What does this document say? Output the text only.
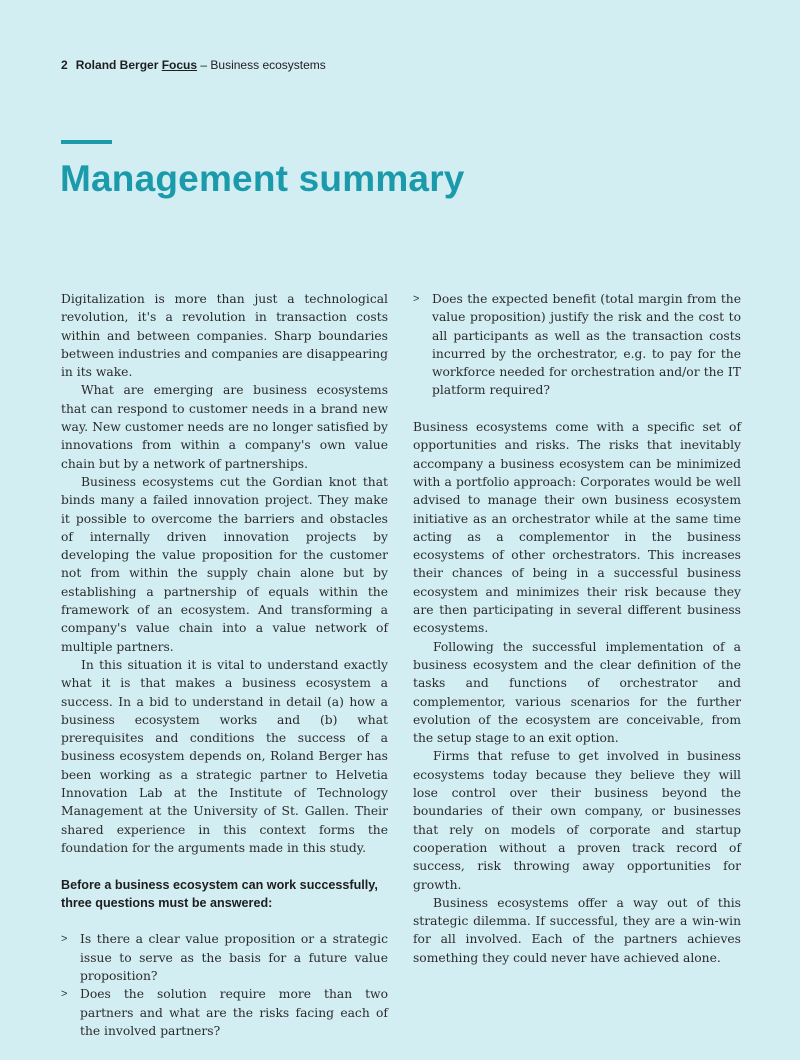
2 Roland Berger Focus – Business ecosystems
Management summary

Digitalization is more than just a technological revolution, it's a revolution in transaction costs within and between companies. Sharp boundaries between industries and companies are disappearing in its wake.

What are emerging are business ecosystems that can respond to customer needs in a brand new way. New customer needs are no longer satisfied by innovations from within a company's own value chain but by a network of partnerships.

Business ecosystems cut the Gordian knot that binds many a failed innovation project. They make it possible to overcome the barriers and obstacles of internally driven innovation projects by developing the value proposition for the customer not from within the supply chain alone but by establishing a partnership of equals within the framework of an ecosystem. And transforming a company's value chain into a value network of multiple partners.

In this situation it is vital to understand exactly what it is that makes a business ecosystem a success. In a bid to understand in detail (a) how a business ecosystem works and (b) what prerequisites and conditions the success of a business ecosystem depends on, Roland Berger has been working as a strategic partner to Helvetia Innovation Lab at the Institute of Technology Management at the University of St. Gallen. Their shared experience in this context forms the foundation for the arguments made in this study.

Before a business ecosystem can work successfully, three questions must be answered:

> Is there a clear value proposition or a strategic issue to serve as the basis for a future value proposition?
> Does the solution require more than two partners and what are the risks facing each of the involved partners?
> Does the expected benefit (total margin from the value proposition) justify the risk and the cost to all participants as well as the transaction costs incurred by the orchestrator, e.g. to pay for the workforce needed for orchestration and/or the IT platform required?

Business ecosystems come with a specific set of opportunities and risks. The risks that inevitably accompany a business ecosystem can be minimized with a portfolio approach: Corporates would be well advised to manage their own business ecosystem initiative as an orchestrator while at the same time acting as a complementor in the business ecosystems of other orchestrators. This increases their chances of being in a successful business ecosystem and minimizes their risk because they are then participating in several different business ecosystems.

Following the successful implementation of a business ecosystem and the clear definition of the tasks and functions of orchestrator and complementor, various scenarios for the further evolution of the ecosystem are conceivable, from the setup stage to an exit option.

Firms that refuse to get involved in business ecosystems today because they believe they will lose control over their business beyond the boundaries of their own company, or businesses that rely on models of corporate and startup cooperation without a proven track record of success, risk throwing away opportunities for growth.

Business ecosystems offer a way out of this strategic dilemma. If successful, they are a win-win for all involved. Each of the partners achieves something they could never have achieved alone.
